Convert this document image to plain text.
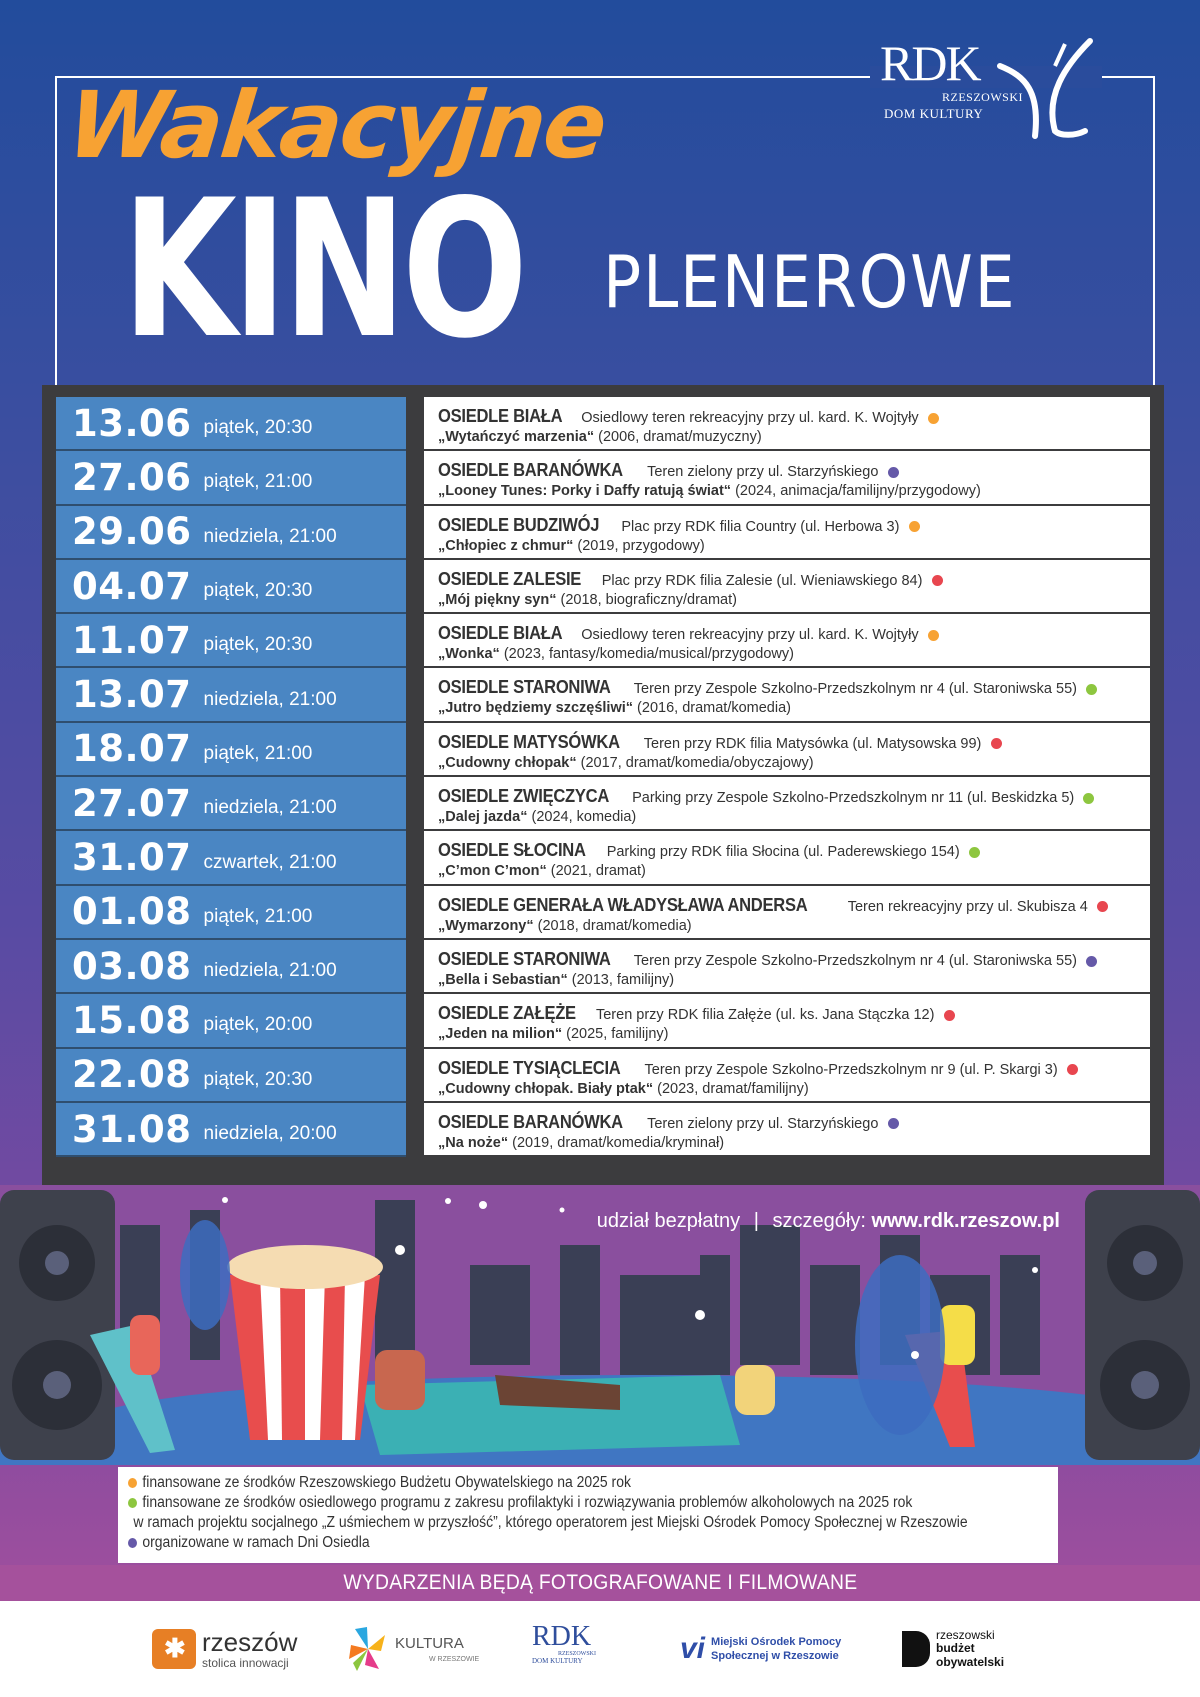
RDK
RZESZOWSKI
DOM KULTURY
Wakacyjne
KINO PLENEROWE
13.06 piątek, 20:30
OSIEDLE BIAŁA Osiedlowy teren rekreacyjny przy ul. kard. K. Wojtyły
„Wytańczyć marzenia“ (2006, dramat/muzyczny)
27.06 piątek, 21:00
OSIEDLE BARANÓWKA Teren zielony przy ul. Starzyńskiego
„Looney Tunes: Porky i Daffy ratują świat“ (2024, animacja/familijny/przygodowy)
29.06 niedziela, 21:00
OSIEDLE BUDZIWÓJ Plac przy RDK filia Country (ul. Herbowa 3)
„Chłopiec z chmur“ (2019, przygodowy)
04.07 piątek, 20:30
OSIEDLE ZALESIE Plac przy RDK filia Zalesie (ul. Wieniawskiego 84)
„Mój piękny syn“ (2018, biograficzny/dramat)
11.07 piątek, 20:30
OSIEDLE BIAŁA Osiedlowy teren rekreacyjny przy ul. kard. K. Wojtyły
„Wonka“ (2023, fantasy/komedia/musical/przygodowy)
13.07 niedziela, 21:00
OSIEDLE STARONIWA Teren przy Zespole Szkolno-Przedszkolnym nr 4 (ul. Staroniwska 55)
„Jutro będziemy szczęśliwi“ (2016, dramat/komedia)
18.07 piątek, 21:00
OSIEDLE MATYSÓWKA Teren przy RDK filia Matysówka (ul. Matysowska 99)
„Cudowny chłopak“ (2017, dramat/komedia/obyczajowy)
27.07 niedziela, 21:00
OSIEDLE ZWIĘCZYCA Parking przy Zespole Szkolno-Przedszkolnym nr 11 (ul. Beskidzka 5)
„Dalej jazda“ (2024, komedia)
31.07 czwartek, 21:00
OSIEDLE SŁOCINA Parking przy RDK filia Słocina (ul. Paderewskiego 154)
„C’mon C’mon“ (2021, dramat)
01.08 piątek, 21:00
OSIEDLE GENERAŁA WŁADYSŁAWA ANDERSA	Teren rekreacyjny przy ul. Skubisza 4
„Wymarzony“ (2018, dramat/komedia)
03.08 niedziela, 21:00
OSIEDLE STARONIWA Teren przy Zespole Szkolno-Przedszkolnym nr 4 (ul. Staroniwska 55)
„Bella i Sebastian“ (2013, familijny)
15.08 piątek, 20:00
OSIEDLE ZAŁĘŻE Teren przy RDK filia Załęże (ul. ks. Jana Stączka 12)
„Jeden na milion“ (2025, familijny)
22.08 piątek, 20:30
OSIEDLE TYSIĄCLECIA Teren przy Zespole Szkolno-Przedszkolnym nr 9 (ul. P. Skargi 3)
„Cudowny chłopak. Biały ptak“ (2023, dramat/familijny)
31.08 niedziela, 20:00
OSIEDLE BARANÓWKA Teren zielony przy ul. Starzyńskiego
„Na noże“ (2019, dramat/komedia/kryminał)
udział bezpłatny | szczegóły: www.rdk.rzeszow.pl
finansowane ze środków Rzeszowskiego Budżetu Obywatelskiego na 2025 rok
finansowane ze środków osiedlowego programu z zakresu profilaktyki i rozwiązywania problemów alkoholowych na 2025 rok
w ramach projektu socjalnego „Z uśmiechem w przyszłość”, którego operatorem jest Miejski Ośrodek Pomocy Społecznej w Rzeszowie
organizowane w ramach Dni Osiedla
WYDARZENIA BĘDĄ FOTOGRAFOWANE I FILMOWANE
✱ rzeszów
stolica innowacji
KULTURA
W RZESZOWIE
RDK
RZESZOWSKI
DOM KULTURY	vi Miejski Ośrodek Pomocy
Społecznej w Rzeszowie
rzeszowski
budżet
obywatelski
